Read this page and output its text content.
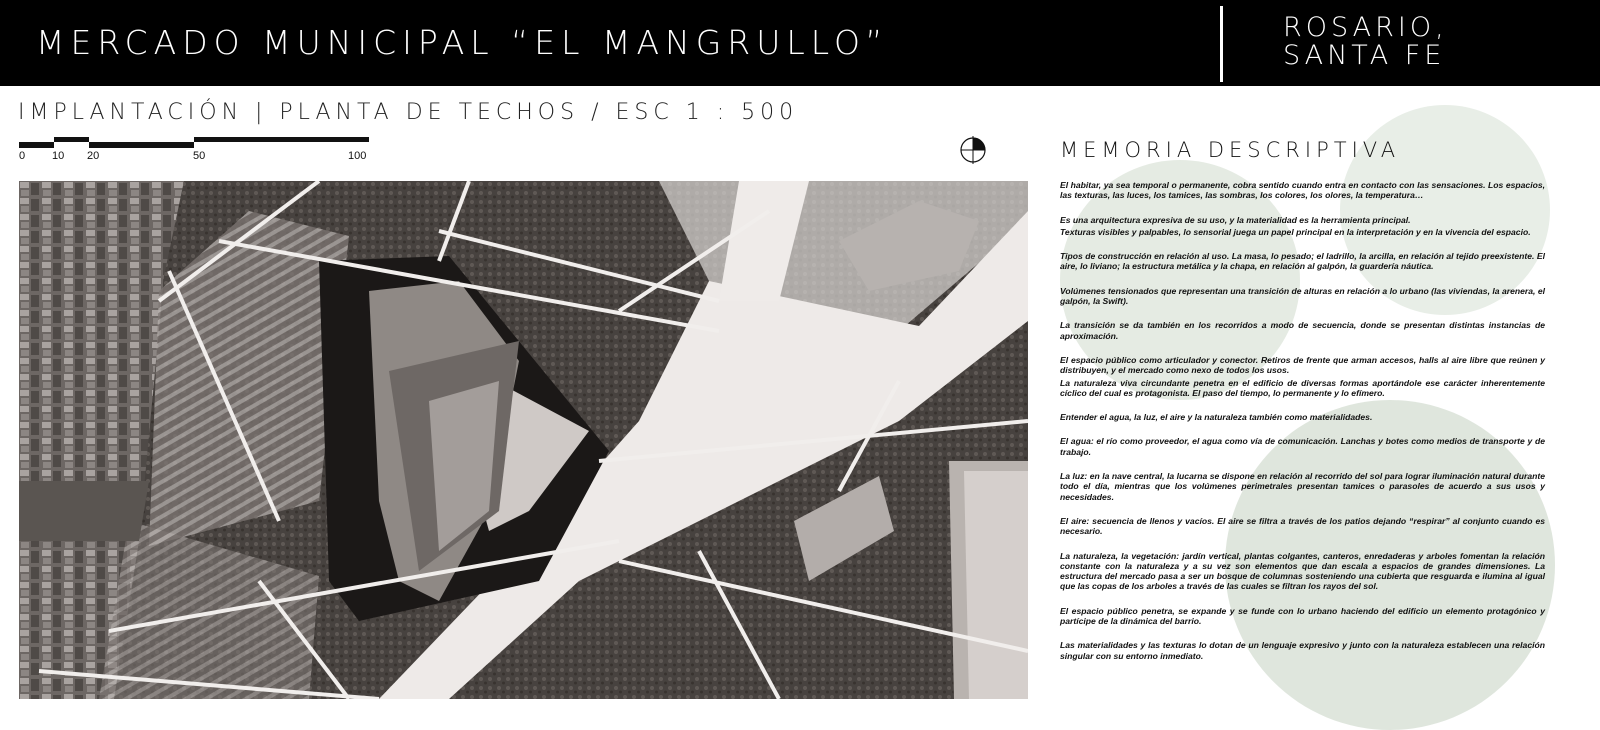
MERCADO MUNICIPAL “EL MANGRULLO”	ROSARIO,
SANTA FE
IMPLANTACIÓN | PLANTA DE TECHOS / ESC 1 : 500
0 10 20	50	100	MEMORIA DESCRIPTIVA

El habitar, ya sea temporal o permanente, cobra sentido cuando entra en contacto con las sensaciones. Los espacios, las texturas, las luces, los tamices, las sombras, los colores, los olores, la temperatura…

Es una arquitectura expresiva de su uso, y la materialidad es la herramienta principal.

Texturas visibles y palpables, lo sensorial juega un papel principal en la interpretación y en la vivencia del espacio.

Tipos de construcción en relación al uso. La masa, lo pesado; el ladrillo, la arcilla, en relación al tejido preexistente. El aire, lo liviano; la estructura metálica y la chapa, en relación al galpón, la guardería náutica.

Volúmenes tensionados que representan una transición de alturas en relación a lo urbano (las viviendas, la arenera, el galpón, la Swift).

La transición se da también en los recorridos a modo de secuencia, donde se presentan distintas instancias de aproximación.

El espacio público como articulador y conector. Retiros de frente que arman accesos, halls al aire libre que reúnen y distribuyen, y el mercado como nexo de todos los usos.

La naturaleza viva circundante penetra en el edificio de diversas formas aportándole ese carácter inherentemente cíclico del cual es protagonista. El paso del tiempo, lo permanente y lo efímero.

Entender el agua, la luz, el aire y la naturaleza también como materialidades.

El agua: el río como proveedor, el agua como vía de comunicación. Lanchas y botes como medios de transporte y de trabajo.

La luz: en la nave central, la lucarna se dispone en relación al recorrido del sol para lograr iluminación natural durante todo el día, mientras que los volúmenes perimetrales presentan tamices o parasoles de acuerdo a sus usos y necesidades.

El aire: secuencia de llenos y vacíos. El aire se filtra a través de los patios dejando “respirar” al conjunto cuando es necesario.

La naturaleza, la vegetación: jardín vertical, plantas colgantes, canteros, enredaderas y arboles fomentan la relación constante con la naturaleza y a su vez son elementos que dan escala a espacios de grandes dimensiones. La estructura del mercado pasa a ser un bosque de columnas sosteniendo una cubierta que resguarda e ilumina al igual que las copas de los arboles a través de las cuales se filtran los rayos del sol.

El espacio público penetra, se expande y se funde con lo urbano haciendo del edificio un elemento protagónico y partícipe de la dinámica del barrio.

Las materialidades y las texturas lo dotan de un lenguaje expresivo y junto con la naturaleza establecen una relación singular con su entorno inmediato.
